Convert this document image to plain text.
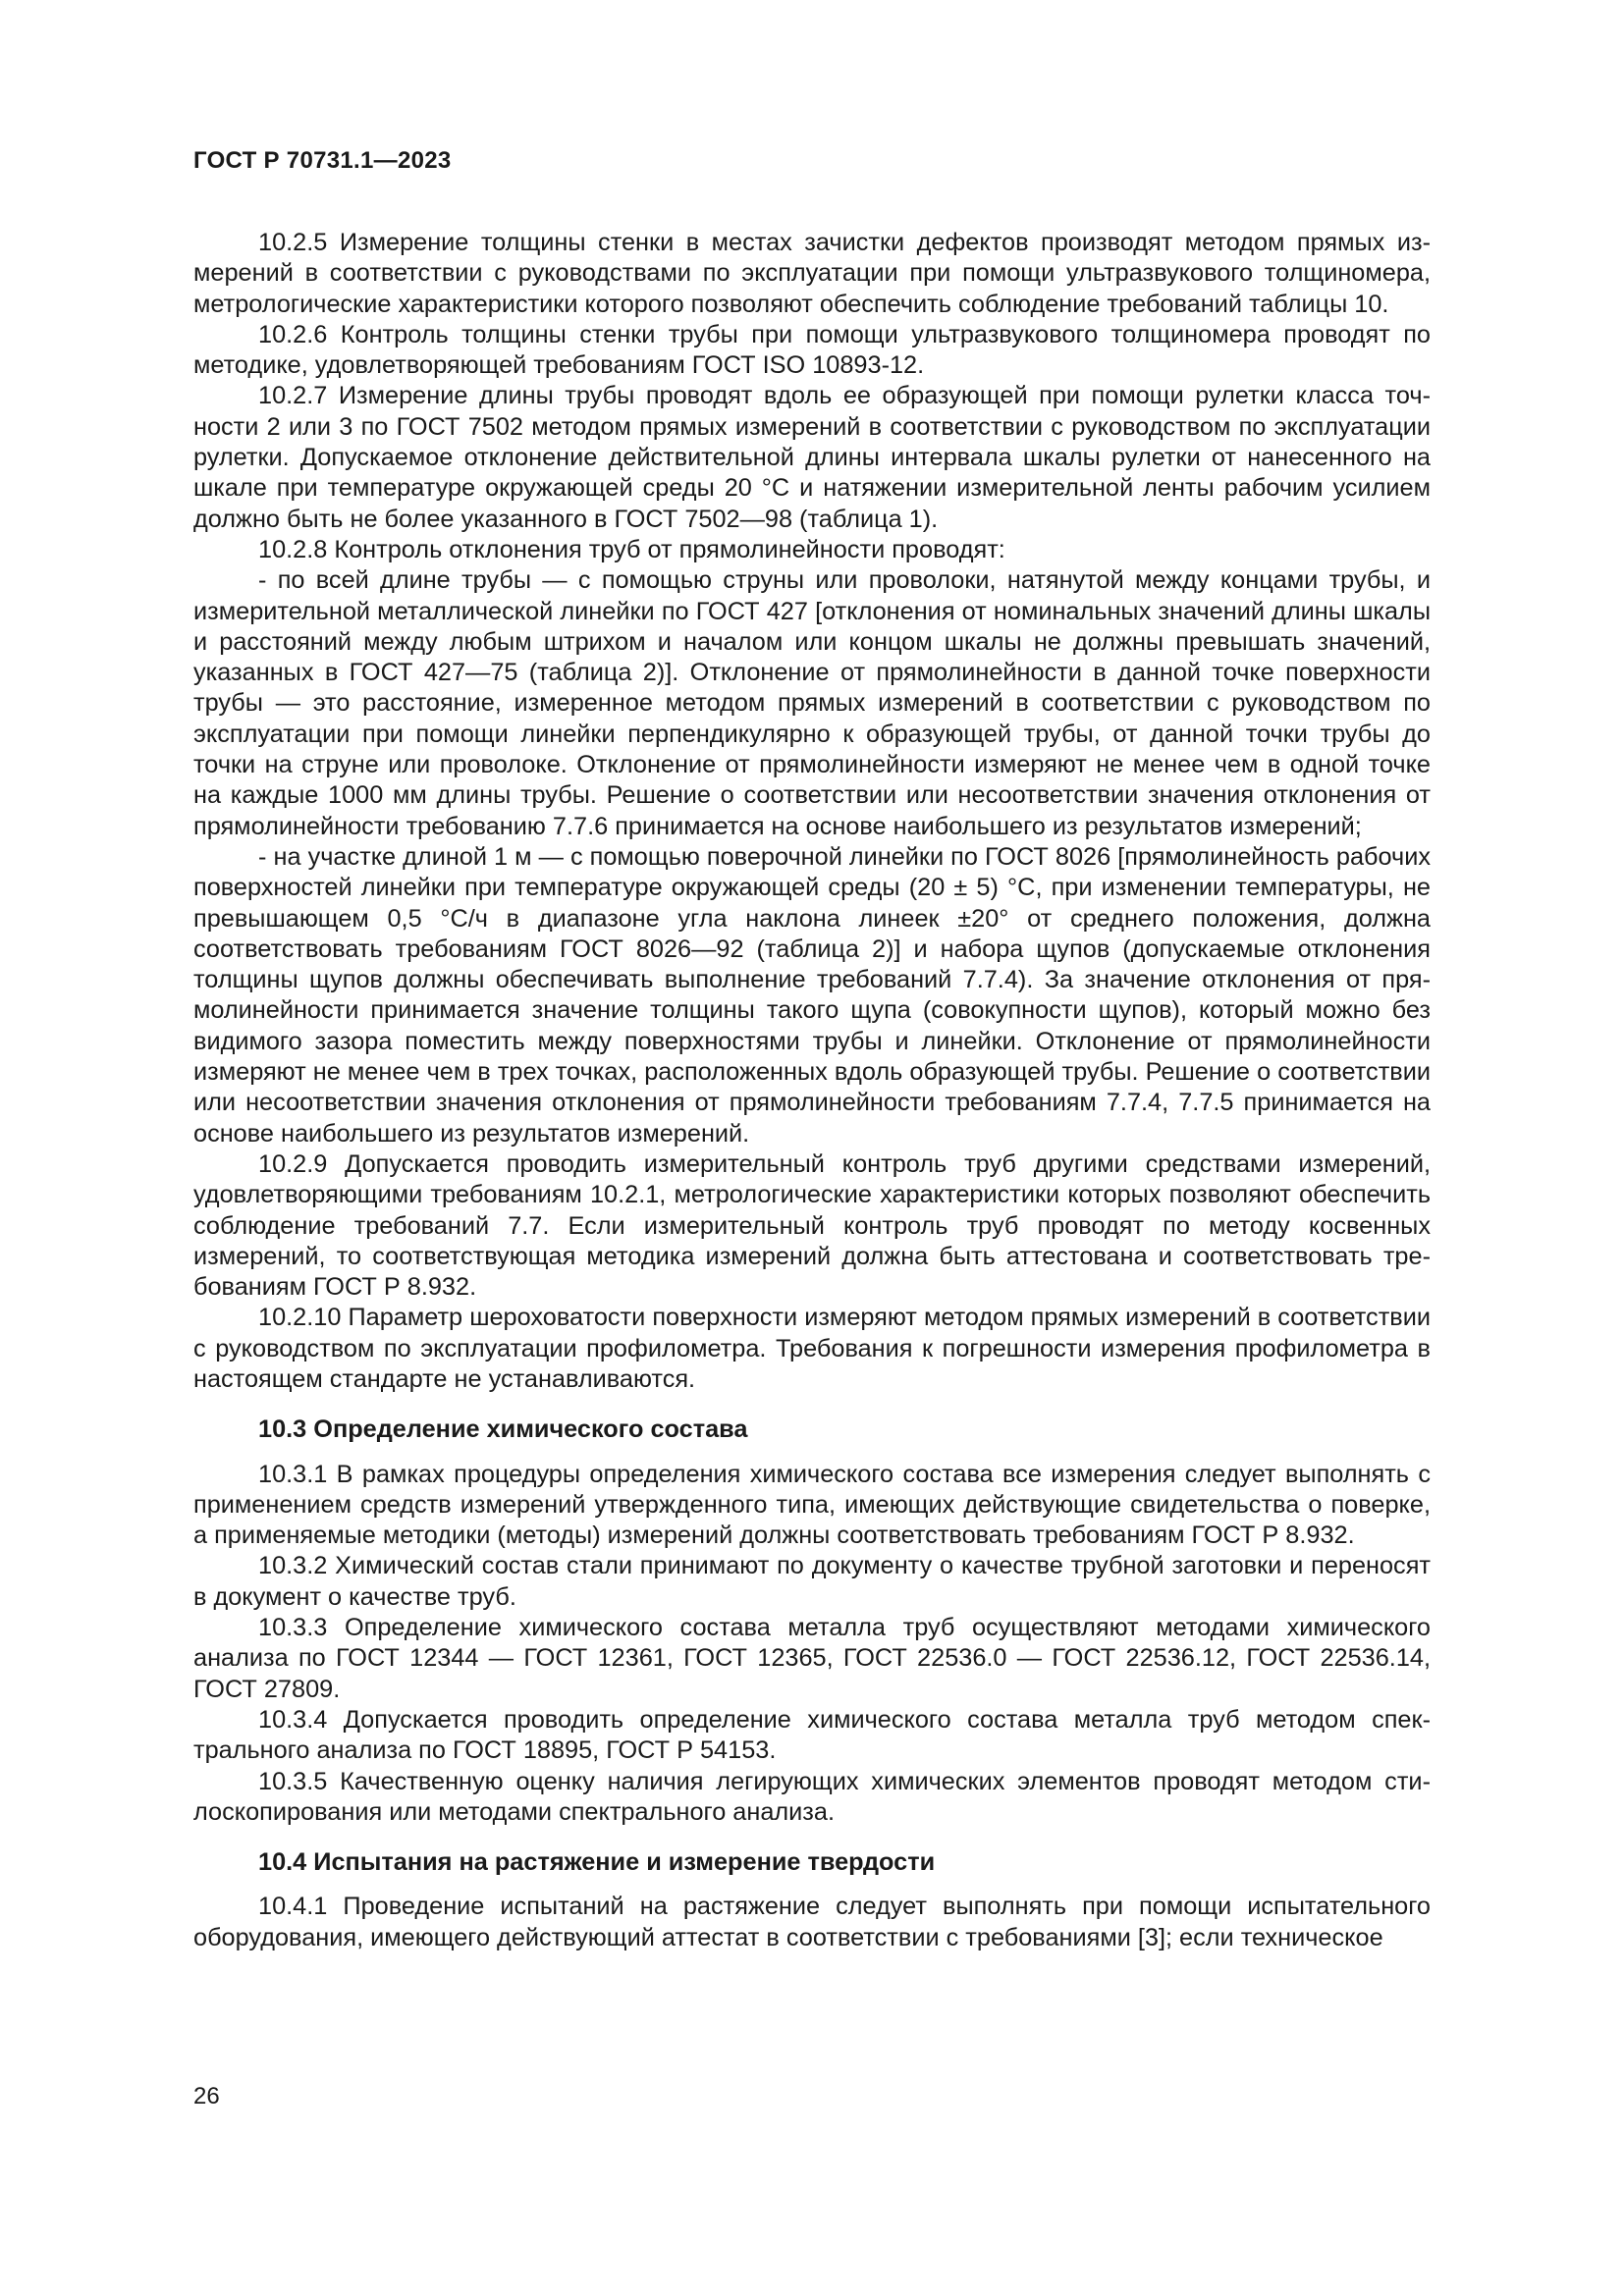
ГОСТ Р 70731.1—2023

10.2.5 Измерение толщины стенки в местах зачистки дефектов производят методом прямых измерений в соответствии с руководствами по эксплуатации при помощи ультразвукового толщиномера, метрологические характеристики которого позволяют обеспечить соблюдение требований таблицы 10.

10.2.6 Контроль толщины стенки трубы при помощи ультразвукового толщиномера проводят по методике, удовлетворяющей требованиям ГОСТ ISO 10893-12.

10.2.7 Измерение длины трубы проводят вдоль ее образующей при помощи рулетки класса точности 2 или 3 по ГОСТ 7502 методом прямых измерений в соответствии с руководством по эксплуатации рулетки. Допускаемое отклонение действительной длины интервала шкалы рулетки от нанесенного на шкале при температуре окружающей среды 20 °С и натяжении измерительной ленты рабочим усилием должно быть не более указанного в ГОСТ 7502—98 (таблица 1).

10.2.8 Контроль отклонения труб от прямолинейности проводят:

- по всей длине трубы — с помощью струны или проволоки, натянутой между концами трубы, и измерительной металлической линейки по ГОСТ 427 [отклонения от номинальных значений длины шкалы и расстояний между любым штрихом и началом или концом шкалы не должны превышать значений, указанных в ГОСТ 427—75 (таблица 2)]. Отклонение от прямолинейности в данной точке поверхности трубы — это расстояние, измеренное методом прямых измерений в соответствии с руководством по эксплуатации при помощи линейки перпендикулярно к образующей трубы, от данной точки трубы до точки на струне или проволоке. Отклонение от прямолинейности измеряют не менее чем в одной точке на каждые 1000 мм длины трубы. Решение о соответствии или несоответствии значения отклонения от прямолинейности требованию 7.7.6 принимается на основе наибольшего из результатов измерений;

- на участке длиной 1 м — с помощью поверочной линейки по ГОСТ 8026 [прямолинейность рабочих поверхностей линейки при температуре окружающей среды (20 ± 5) °С, при изменении температуры, не превышающем 0,5 °С/ч в диапазоне угла наклона линеек ±20° от среднего положения, должна соответствовать требованиям ГОСТ 8026—92 (таблица 2)] и набора щупов (допускаемые отклонения толщины щупов должны обеспечивать выполнение требований 7.7.4). За значение отклонения от прямолинейности принимается значение толщины такого щупа (совокупности щупов), который можно без видимого зазора поместить между поверхностями трубы и линейки. Отклонение от прямолинейности измеряют не менее чем в трех точках, расположенных вдоль образующей трубы. Решение о соответствии или несоответствии значения отклонения от прямолинейности требованиям 7.7.4, 7.7.5 принимается на основе наибольшего из результатов измерений.

10.2.9 Допускается проводить измерительный контроль труб другими средствами измерений, удовлетворяющими требованиям 10.2.1, метрологические характеристики которых позволяют обеспечить соблюдение требований 7.7. Если измерительный контроль труб проводят по методу косвенных измерений, то соответствующая методика измерений должна быть аттестована и соответствовать требованиям ГОСТ Р 8.932.

10.2.10 Параметр шероховатости поверхности измеряют методом прямых измерений в соответствии с руководством по эксплуатации профилометра. Требования к погрешности измерения профилометра в настоящем стандарте не устанавливаются.

10.3 Определение химического состава

10.3.1 В рамках процедуры определения химического состава все измерения следует выполнять с применением средств измерений утвержденного типа, имеющих действующие свидетельства о поверке, а применяемые методики (методы) измерений должны соответствовать требованиям ГОСТ Р 8.932.

10.3.2 Химический состав стали принимают по документу о качестве трубной заготовки и переносят в документ о качестве труб.

10.3.3 Определение химического состава металла труб осуществляют методами химического анализа по ГОСТ 12344 — ГОСТ 12361, ГОСТ 12365, ГОСТ 22536.0 — ГОСТ 22536.12, ГОСТ 22536.14, ГОСТ 27809.

10.3.4 Допускается проводить определение химического состава металла труб методом спектрального анализа по ГОСТ 18895, ГОСТ Р 54153.

10.3.5 Качественную оценку наличия легирующих химических элементов проводят методом стилоскопирования или методами спектрального анализа.

10.4 Испытания на растяжение и измерение твердости

10.4.1 Проведение испытаний на растяжение следует выполнять при помощи испытательного оборудования, имеющего действующий аттестат в соответствии с требованиями [3]; если техническое

26
